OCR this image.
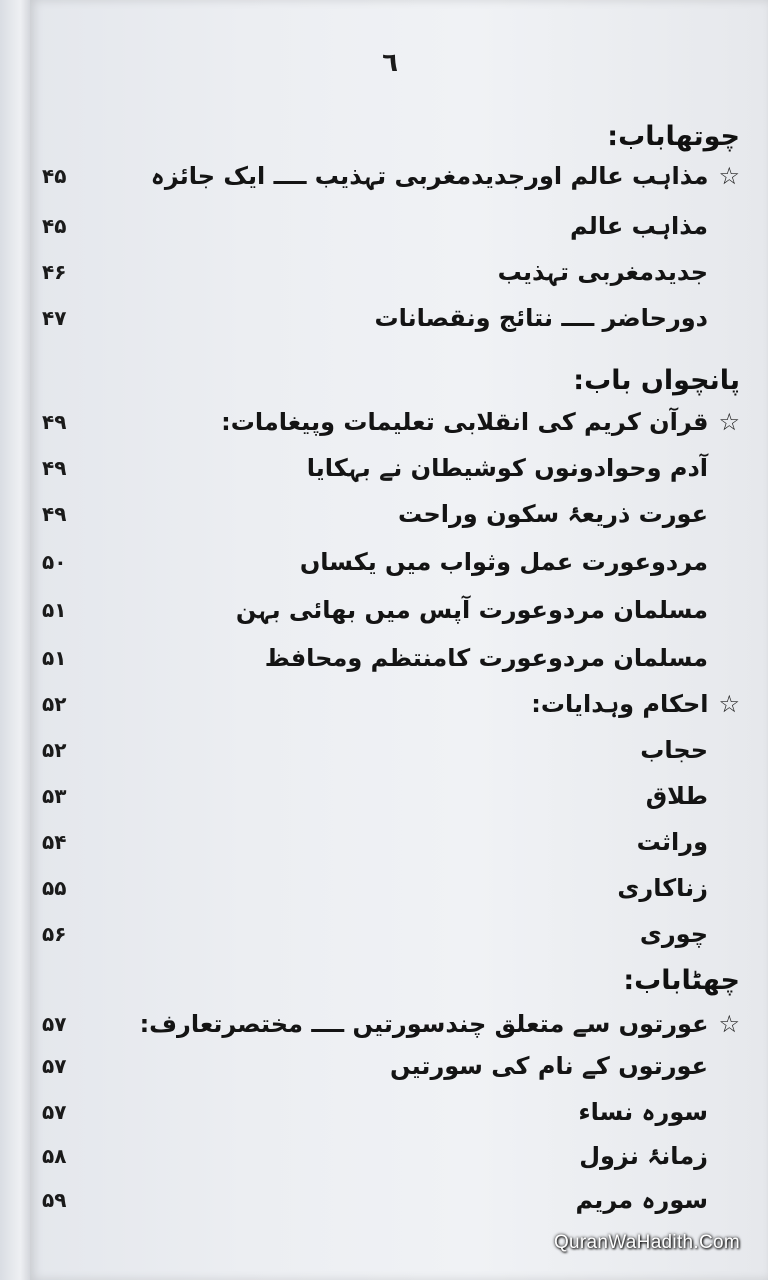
٦
چوتھاباب:
☆
مذاہب عالم اورجدیدمغربی تہذیب ــــ ایک جائزہ
۴۵
مذاہب عالم
۴۵
جدیدمغربی تہذیب
۴۶
دورحاضر ــــ نتائج ونقصانات
۴۷
پانچواں باب:
☆
قرآن کریم کی انقلابی تعلیمات وپیغامات:
۴۹
آدم وحوادونوں کوشیطان نے بہکایا
۴۹
عورت ذریعۂ سکون وراحت
۴۹
مردوعورت عمل وثواب میں یکساں
۵۰
مسلمان مردوعورت آپس میں بھائی بہن
۵۱
مسلمان مردوعورت کامنتظم ومحافظ
۵۱
☆
احکام وہدایات:
۵۲
حجاب
۵۲
طلاق
۵۳
وراثت
۵۴
زناکاری
۵۵
چوری
۵۶
چھٹاباب:
☆
عورتوں سے متعلق چندسورتیں ــــ مختصرتعارف:
۵۷
عورتوں کے نام کی سورتیں
۵۷
سورہ نساء
۵۷
زمانۂ نزول
۵۸
سورہ مریم
۵۹
QuranWaHadith.Com
